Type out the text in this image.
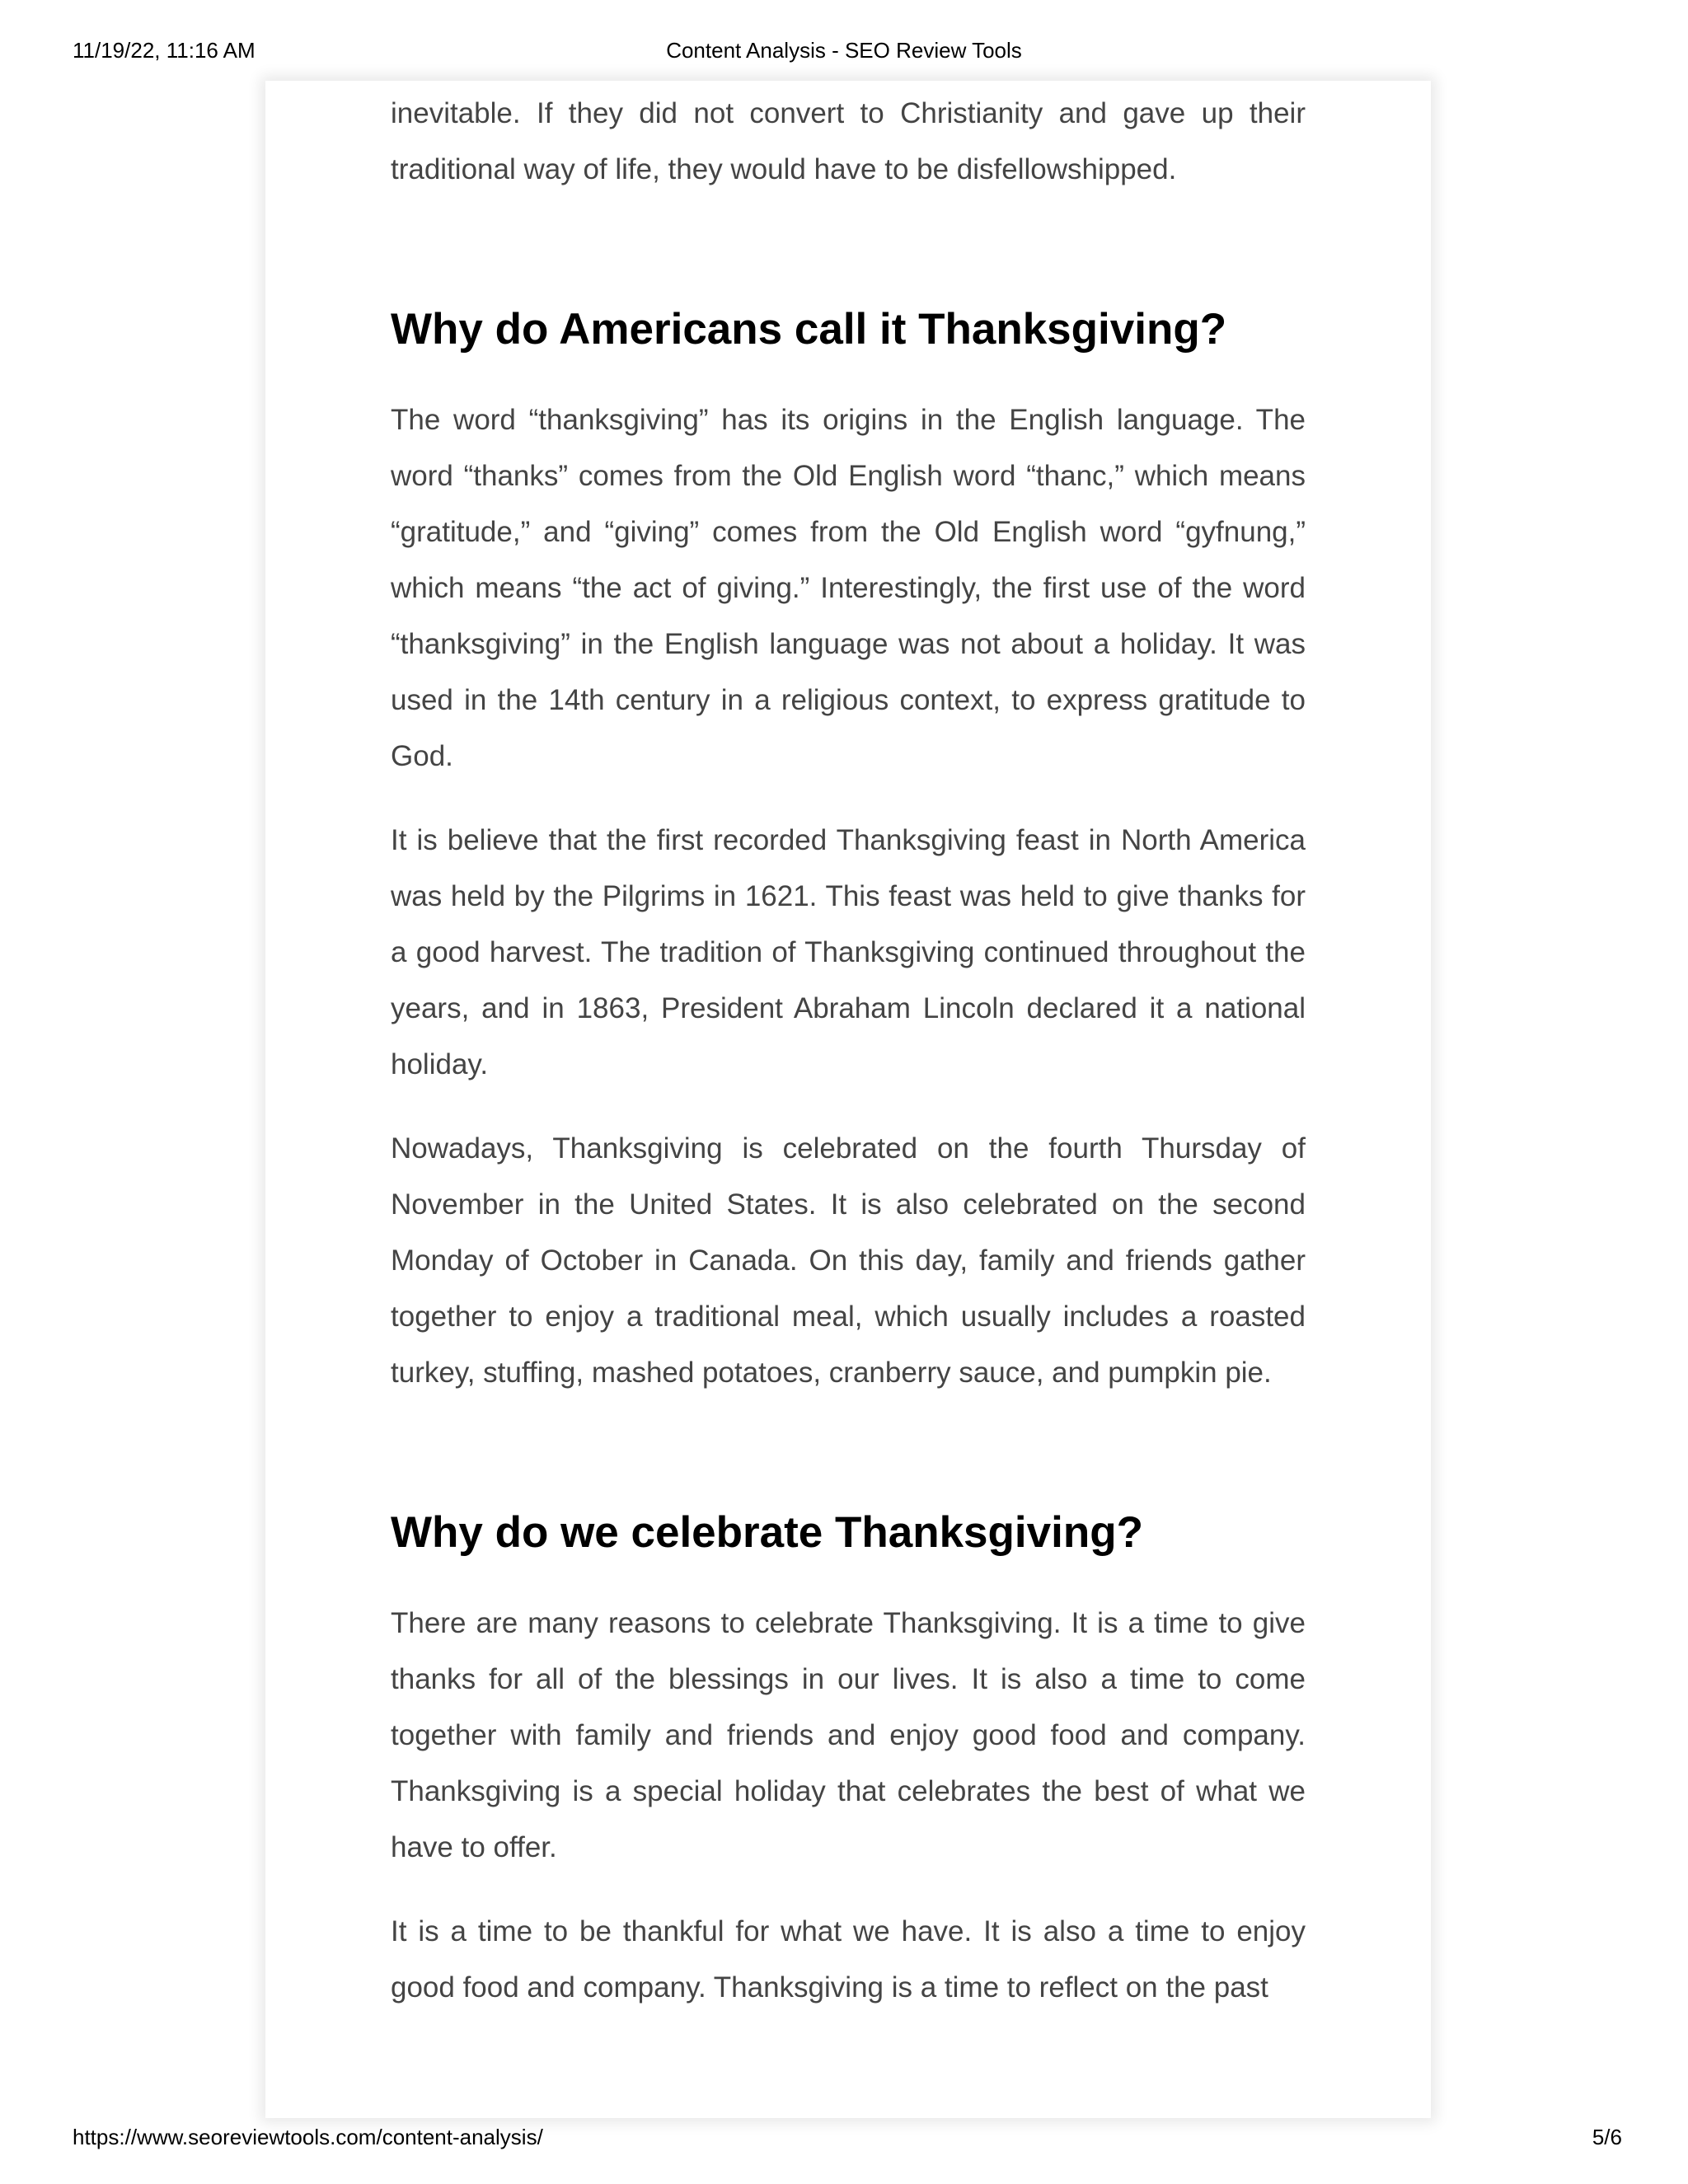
11/19/22, 11:16 AM	Content Analysis - SEO Review Tools

inevitable. If they did not convert to Christianity and gave up their traditional way of life, they would have to be disfellowshipped.

Why do Americans call it Thanksgiving?

The word “thanksgiving” has its origins in the English language. The word “thanks” comes from the Old English word “thanc,” which means “gratitude,” and “giving” comes from the Old English word “gyfnung,” which means “the act of giving.” Interestingly, the first use of the word “thanksgiving” in the English language was not about a holiday. It was used in the 14th century in a religious context, to express gratitude to God.

It is believe that the first recorded Thanksgiving feast in North America was held by the Pilgrims in 1621. This feast was held to give thanks for a good harvest. The tradition of Thanksgiving continued throughout the years, and in 1863, President Abraham Lincoln declared it a national holiday.

Nowadays, Thanksgiving is celebrated on the fourth Thursday of November in the United States. It is also celebrated on the second Monday of October in Canada. On this day, family and friends gather together to enjoy a traditional meal, which usually includes a roasted turkey, stuffing, mashed potatoes, cranberry sauce, and pumpkin pie.

Why do we celebrate Thanksgiving?

There are many reasons to celebrate Thanksgiving. It is a time to give thanks for all of the blessings in our lives. It is also a time to come together with family and friends and enjoy good food and company. Thanksgiving is a special holiday that celebrates the best of what we have to offer.

It is a time to be thankful for what we have. It is also a time to enjoy good food and company. Thanksgiving is a time to reflect on the past

https://www.seoreviewtools.com/content-analysis/	5/6
